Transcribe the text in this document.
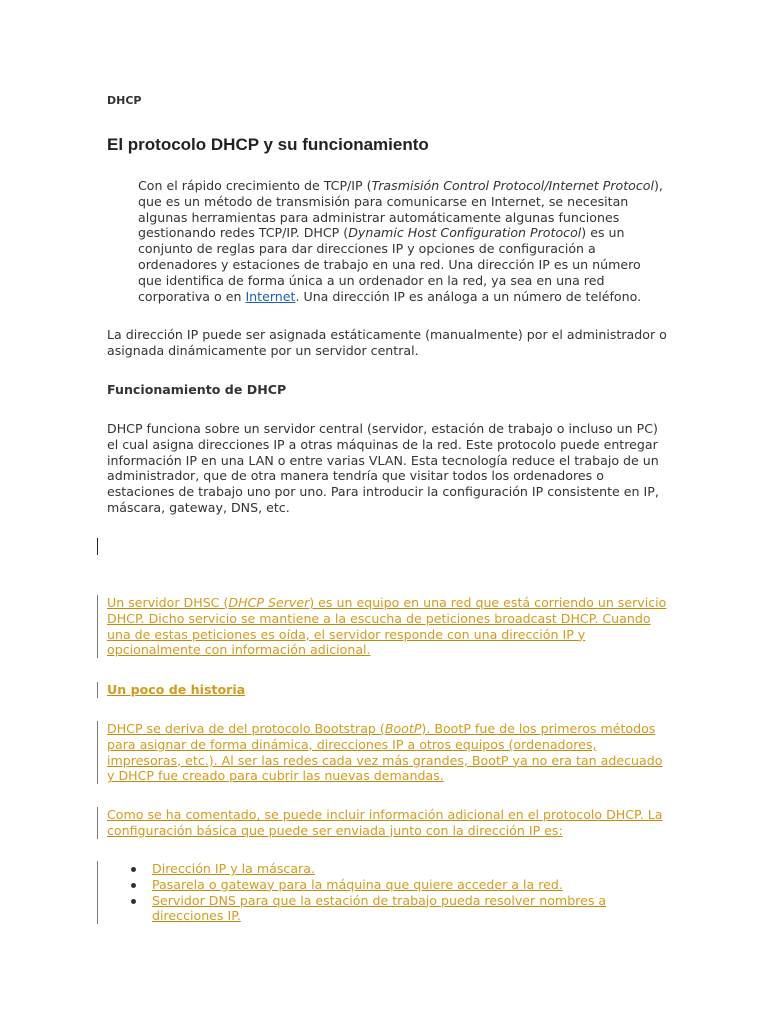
DHCP
El protocolo DHCP y su funcionamiento
Con el rápido crecimiento de TCP/IP (Trasmisión Control Protocol/Internet Protocol), que es un método de transmisión para comunicarse en Internet, se necesitan algunas herramientas para administrar automáticamente algunas funciones gestionando redes TCP/IP. DHCP (Dynamic Host Configuration Protocol) es un conjunto de reglas para dar direcciones IP y opciones de configuración a ordenadores y estaciones de trabajo en una red. Una dirección IP es un número que identifica de forma única a un ordenador en la red, ya sea en una red corporativa o en Internet. Una dirección IP es análoga a un número de teléfono.
La dirección IP puede ser asignada estáticamente (manualmente) por el administrador o asignada dinámicamente por un servidor central.
Funcionamiento de DHCP
DHCP funciona sobre un servidor central (servidor, estación de trabajo o incluso un PC) el cual asigna direcciones IP a otras máquinas de la red. Este protocolo puede entregar información IP en una LAN o entre varias VLAN. Esta tecnología reduce el trabajo de un administrador, que de otra manera tendría que visitar todos los ordenadores o estaciones de trabajo uno por uno. Para introducir la configuración IP consistente en IP, máscara, gateway, DNS, etc.
Un servidor DHSC (DHCP Server) es un equipo en una red que está corriendo un servicio DHCP. Dicho servicio se mantiene a la escucha de peticiones broadcast DHCP. Cuando una de estas peticiones es oída, el servidor responde con una dirección IP y opcionalmente con información adicional.
Un poco de historia
DHCP se deriva de del protocolo Bootstrap (BootP). BootP fue de los primeros métodos para asignar de forma dinámica, direcciones IP a otros equipos (ordenadores, impresoras, etc.). Al ser las redes cada vez más grandes, BootP ya no era tan adecuado y DHCP fue creado para cubrir las nuevas demandas.
Como se ha comentado, se puede incluir información adicional en el protocolo DHCP. La configuración básica que puede ser enviada junto con la dirección IP es:
Dirección IP y la máscara.
Pasarela o gateway para la máquina que quiere acceder a la red.
Servidor DNS para que la estación de trabajo pueda resolver nombres a direcciones IP.
